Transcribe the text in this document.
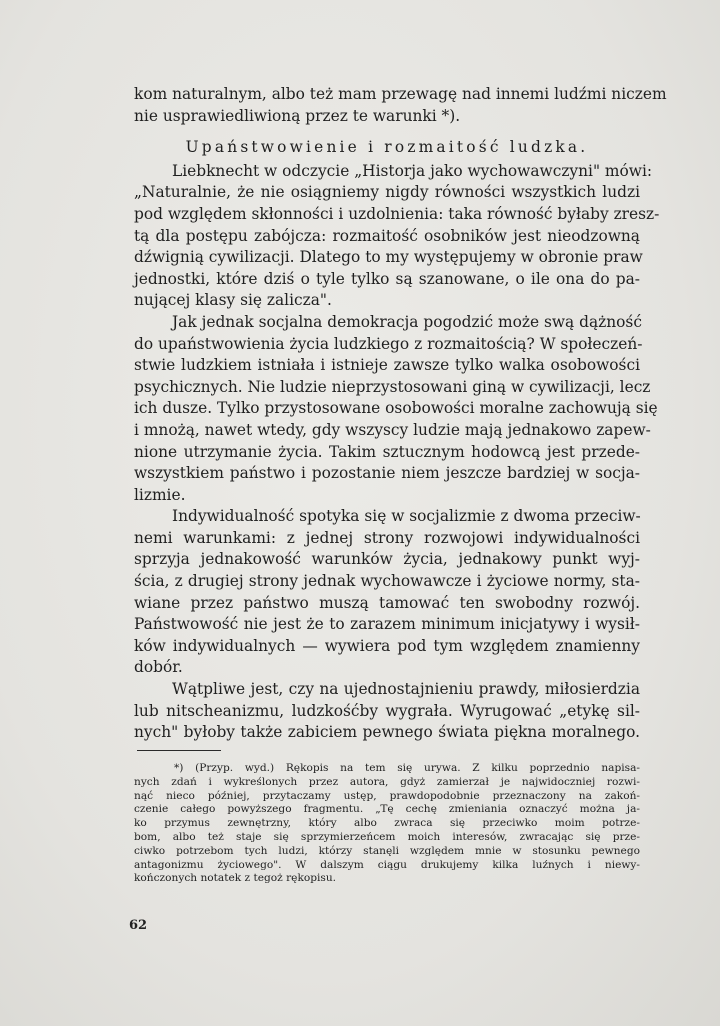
kom naturalnym, albo też mam przewagę nad innemi ludźmi niczem
nie usprawiedliwioną przez te warunki *).
Upaństwowienie i rozmaitość ludzka.
Liebknecht w odczycie „Historja jako wychowawczyni" mówi:
„Naturalnie, że nie osiągniemy nigdy równości wszystkich ludzi
pod względem skłonności i uzdolnienia: taka równość byłaby zresz-
tą dla postępu zabójcza: rozmaitość osobników jest nieodzowną
dźwignią cywilizacji. Dlatego to my występujemy w obronie praw
jednostki, które dziś o tyle tylko są szanowane, o ile ona do pa-
nującej klasy się zalicza".
Jak jednak socjalna demokracja pogodzić może swą dążność
do upaństwowienia życia ludzkiego z rozmaitością? W społeczeń-
stwie ludzkiem istniała i istnieje zawsze tylko walka osobowości
psychicznych. Nie ludzie nieprzystosowani giną w cywilizacji, lecz
ich dusze. Tylko przystosowane osobowości moralne zachowują się
i mnożą, nawet wtedy, gdy wszyscy ludzie mają jednakowo zapew-
nione utrzymanie życia. Takim sztucznym hodowcą jest przede-
wszystkiem państwo i pozostanie niem jeszcze bardziej w socja-
lizmie.
Indywidualność spotyka się w socjalizmie z dwoma przeciw-
nemi warunkami: z jednej strony rozwojowi indywidualności
sprzyja jednakowość warunków życia, jednakowy punkt wyj-
ścia, z drugiej strony jednak wychowawcze i życiowe normy, sta-
wiane przez państwo muszą tamować ten swobodny rozwój.
Państwowość nie jest że to zarazem minimum inicjatywy i wysił-
ków indywidualnych — wywiera pod tym względem znamienny
dobór.
Wątpliwe jest, czy na ujednostajnieniu prawdy, miłosierdzia
lub nitscheanizmu, ludzkośćby wygrała. Wyrugować „etykę sil-
nych" byłoby także zabiciem pewnego świata piękna moralnego.
*) (Przyp. wyd.) Rękopis na tem się urywa. Z kilku poprzednio napisa-
nych zdań i wykreślonych przez autora, gdyż zamierzał je najwidoczniej rozwi-
nąć nieco później, przytaczamy ustęp, prawdopodobnie przeznaczony na zakoń-
czenie całego powyższego fragmentu. „Tę cechę zmieniania oznaczyć można ja-
ko przymus zewnętrzny, który albo zwraca się przeciwko moim potrze-
bom, albo też staje się sprzymierzeńcem moich interesów, zwracając się prze-
ciwko potrzebom tych ludzi, którzy stanęli względem mnie w stosunku pewnego
antagonizmu życiowego". W dalszym ciągu drukujemy kilka luźnych i niewy-
kończonych notatek z tegoż rękopisu.
62
